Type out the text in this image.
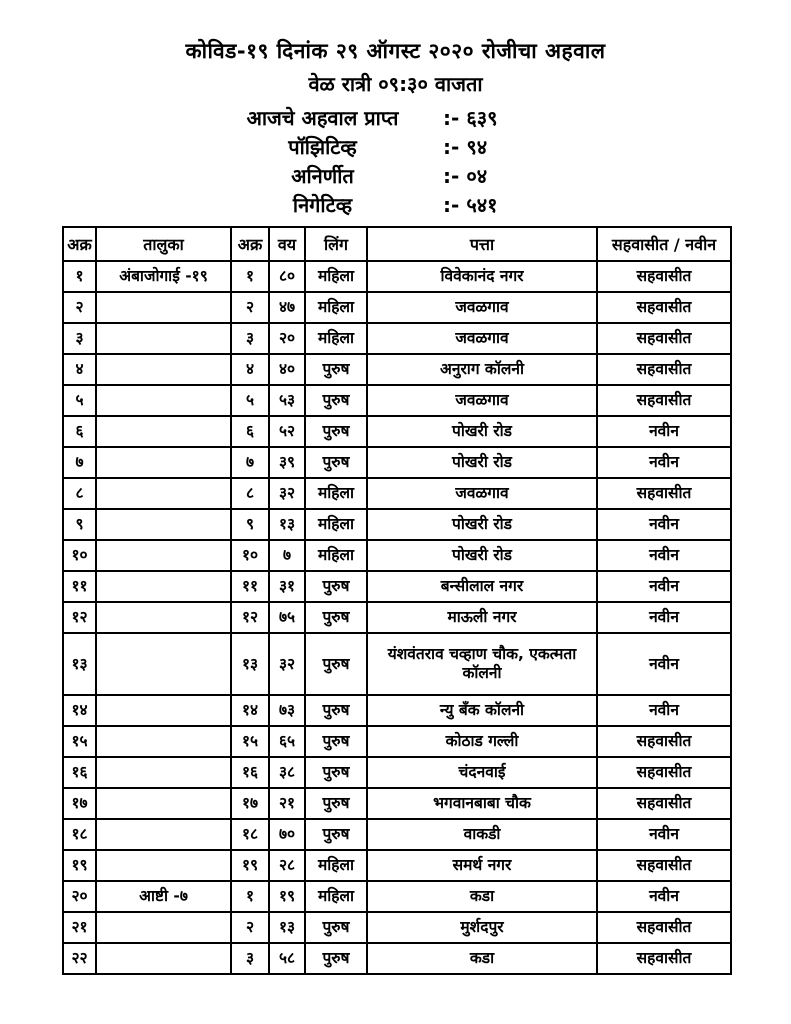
कोविड-१९ दिनांक २९ ऑगस्ट २०२० रोजीचा अहवाल
वेळ रात्री ०९:३० वाजता
आजचे अहवाल प्राप्त	:- ६३९
पॉझिटिव्ह	:- ९४
अनिर्णीत	:- ०४
निगेटिव्ह	:- ५४१
अक्र	तालुका	अक्र	वय	लिंग	पत्ता	सहवासीत / नवीन
१	अंबाजोगाई -१९	१	८०	महिला	विवेकानंद नगर	सहवासीत
२		२	४७	महिला	जवळगाव	सहवासीत
३		३	२०	महिला	जवळगाव	सहवासीत
४		४	४०	पुरुष	अनुराग कॉलनी	सहवासीत
५		५	५३	पुरुष	जवळगाव	सहवासीत
६		६	५२	पुरुष	पोखरी रोड	नवीन
७		७	३९	पुरुष	पोखरी रोड	नवीन
८		८	३२	महिला	जवळगाव	सहवासीत
९		९	१३	महिला	पोखरी रोड	नवीन
१०		१०	७	महिला	पोखरी रोड	नवीन
११		११	३१	पुरुष	बन्सीलाल नगर	नवीन
१२		१२	७५	पुरुष	माऊली नगर	नवीन
१३		१३	३२	पुरुष	यंशवंतराव चव्हाण चौक, एकत्मता कॉलनी	नवीन
१४		१४	७३	पुरुष	न्यु बॅंक कॉलनी	नवीन
१५		१५	६५	पुरुष	कोठाड गल्ली	सहवासीत
१६		१६	३८	पुरुष	चंदनवाई	सहवासीत
१७		१७	२१	पुरुष	भगवानबाबा चौक	सहवासीत
१८		१८	७०	पुरुष	वाकडी	नवीन
१९		१९	२८	महिला	समर्थ नगर	सहवासीत
२०	आष्टी -७	१	१९	महिला	कडा	नवीन
२१		२	१३	पुरुष	मुर्शदपुर	सहवासीत
२२		३	५८	पुरुष	कडा	सहवासीत
